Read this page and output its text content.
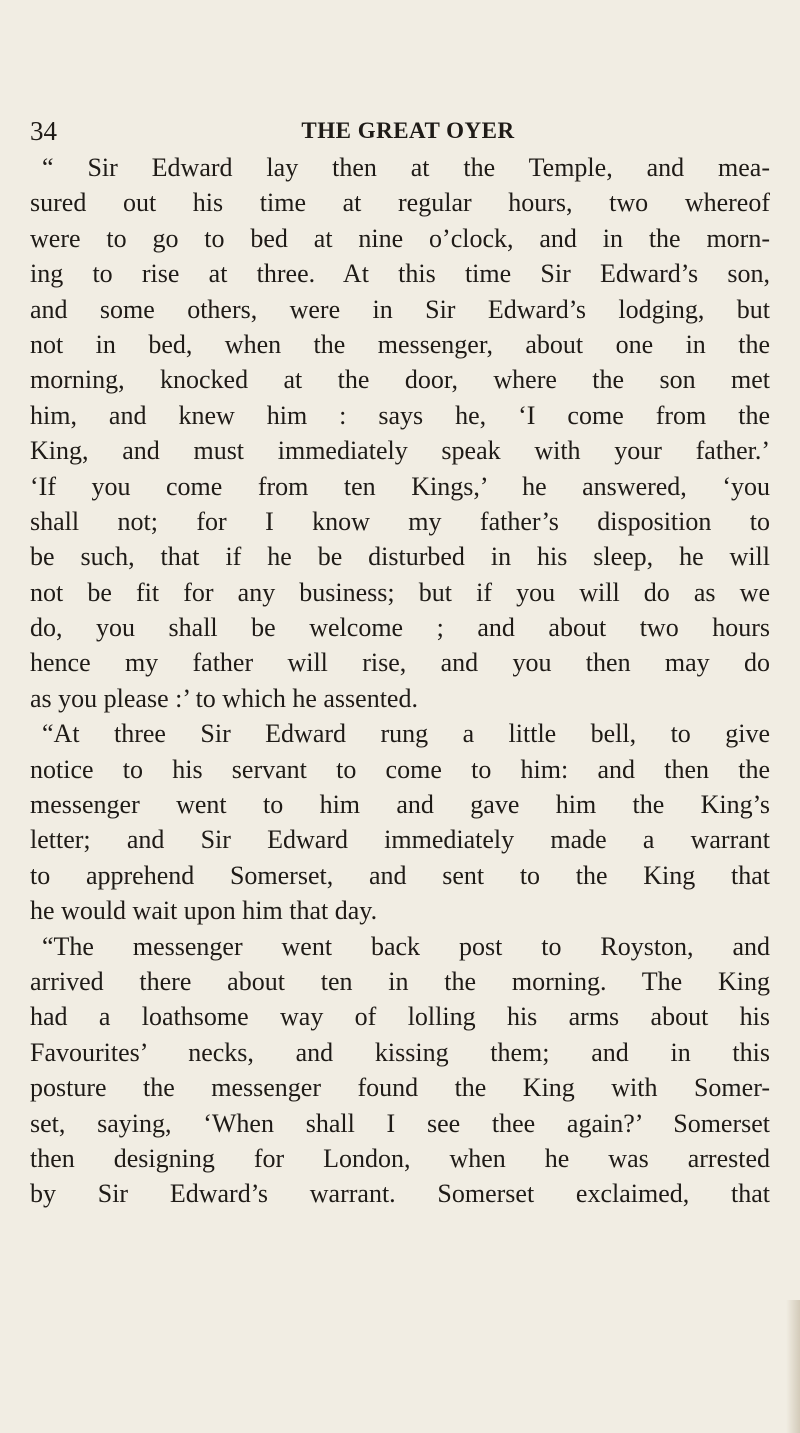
34	THE GREAT OYER
“ Sir Edward lay then at the Temple, and mea-
sured out his time at regular hours, two whereof
were to go to bed at nine o’clock, and in the morn-
ing to rise at three. At this time Sir Edward’s son,
and some others, were in Sir Edward’s lodging, but
not in bed, when the messenger, about one in the
morning, knocked at the door, where the son met
him, and knew him : says he, ‘I come from the
King, and must immediately speak with your father.’
‘If you come from ten Kings,’ he answered, ‘you
shall not; for I know my father’s disposition to
be such, that if he be disturbed in his sleep, he will
not be fit for any business; but if you will do as we
do, you shall be welcome ; and about two hours
hence my father will rise, and you then may do
as you please :’ to which he assented.
“At three Sir Edward rung a little bell, to give
notice to his servant to come to him: and then the
messenger went to him and gave him the King’s
letter; and Sir Edward immediately made a warrant
to apprehend Somerset, and sent to the King that
he would wait upon him that day.
“The messenger went back post to Royston, and
arrived there about ten in the morning. The King
had a loathsome way of lolling his arms about his
Favourites’ necks, and kissing them; and in this
posture the messenger found the King with Somer-
set, saying, ‘When shall I see thee again?’ Somerset
then designing for London, when he was arrested
by Sir Edward’s warrant. Somerset exclaimed, that
